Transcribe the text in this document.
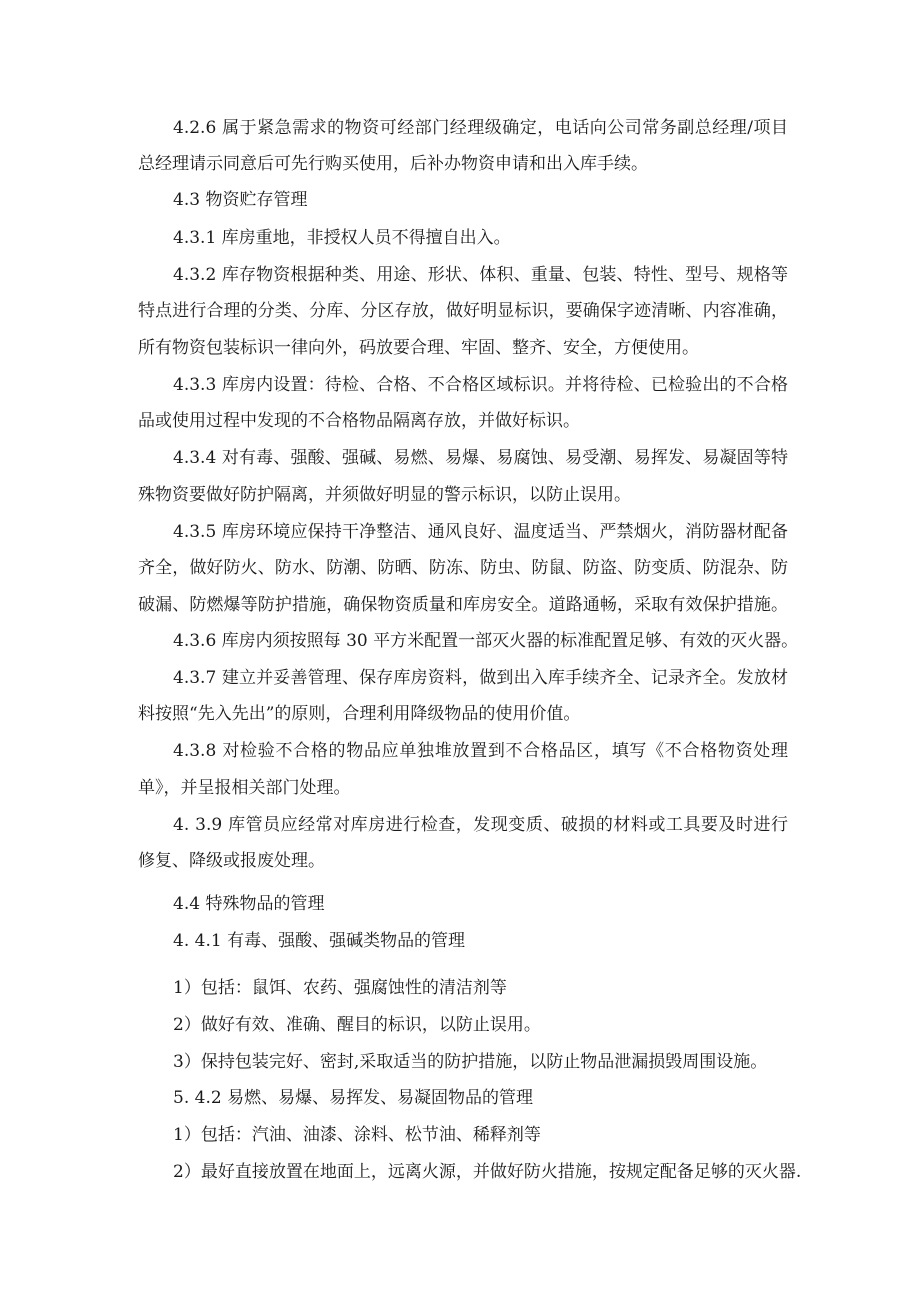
4.2.6 属于紧急需求的物资可经部门经理级确定，电话向公司常务副总经理/项目
总经理请示同意后可先行购买使用，后补办物资申请和出入库手续。
4.3 物资贮存管理
4.3.1 库房重地，非授权人员不得擅自出入。
4.3.2 库存物资根据种类、用途、形状、体积、重量、包装、特性、型号、规格等
特点进行合理的分类、分库、分区存放，做好明显标识，要确保字迹清晰、内容准确，
所有物资包装标识一律向外，码放要合理、牢固、整齐、安全，方便使用。
4.3.3 库房内设置：待检、合格、不合格区域标识。并将待检、已检验出的不合格
品或使用过程中发现的不合格物品隔离存放，并做好标识。
4.3.4 对有毒、强酸、强碱、易燃、易爆、易腐蚀、易受潮、易挥发、易凝固等特
殊物资要做好防护隔离，并须做好明显的警示标识，以防止误用。
4.3.5 库房环境应保持干净整洁、通风良好、温度适当、严禁烟火，消防器材配备
齐全，做好防火、防水、防潮、防晒、防冻、防虫、防鼠、防盗、防变质、防混杂、防
破漏、防燃爆等防护措施，确保物资质量和库房安全。道路通畅，采取有效保护措施。
4.3.6 库房内须按照每 30 平方米配置一部灭火器的标准配置足够、有效的灭火器。
4.3.7 建立并妥善管理、保存库房资料，做到出入库手续齐全、记录齐全。发放材
料按照“先入先出”的原则，合理利用降级物品的使用价值。
4.3.8 对检验不合格的物品应单独堆放置到不合格品区，填写《不合格物资处理
单》，并呈报相关部门处理。
4. 3.9 库管员应经常对库房进行检查，发现变质、破损的材料或工具要及时进行
修复、降级或报废处理。
4.4 特殊物品的管理
4. 4.1 有毒、强酸、强碱类物品的管理
1）包括：鼠饵、农药、强腐蚀性的清洁剂等
2）做好有效、准确、醒目的标识，以防止误用。
3）保持包装完好、密封,采取适当的防护措施，以防止物品泄漏损毁周围设施。
5. 4.2 易燃、易爆、易挥发、易凝固物品的管理
1）包括：汽油、油漆、涂料、松节油、稀释剂等
2）最好直接放置在地面上，远离火源，并做好防火措施，按规定配备足够的灭火器.
